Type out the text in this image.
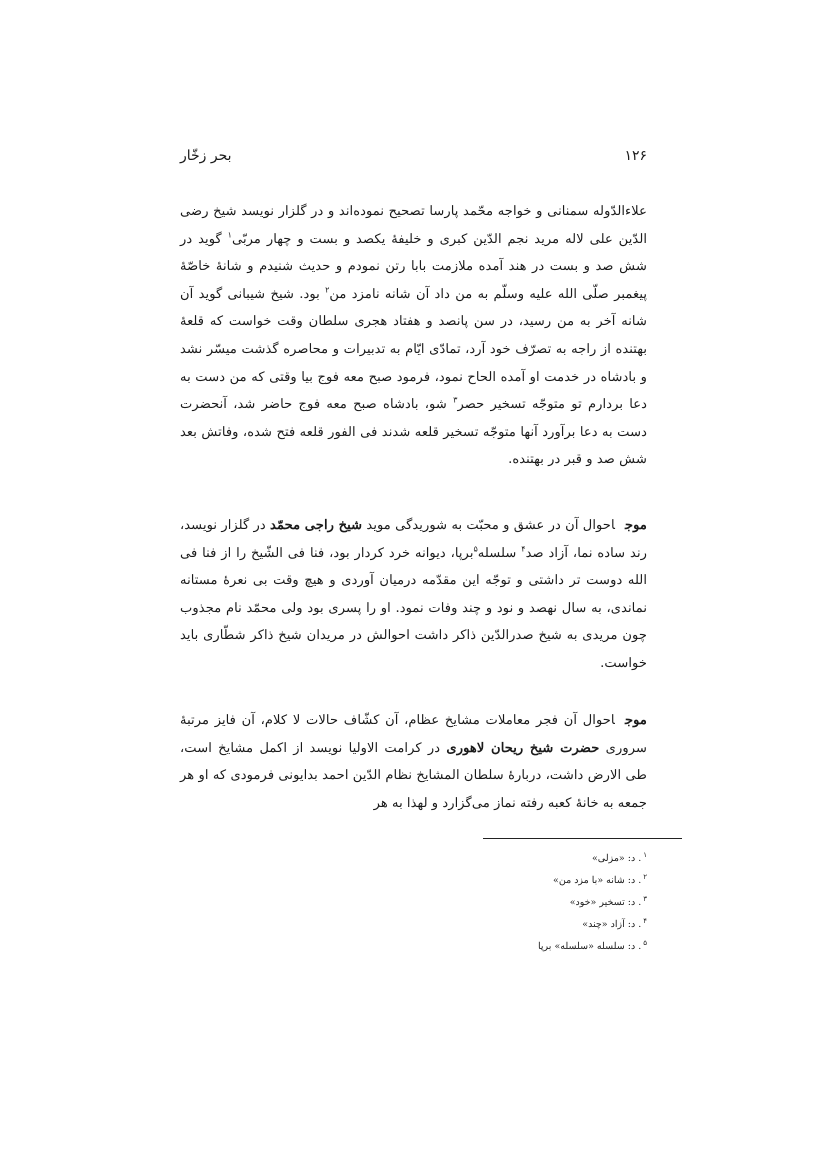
۱۲۶
بحر زخّار
علاءالدّوله سمنانی و خواجه محّمد پارسا تصحیح نموده‌اند و در گلزار نویسد شیخ رضی الدّین علی لاله مرید نجم الدّین کبری و خلیفهٔ یکصد و بست و چهار مربّی$^١$ گوید در شش صد و بست در هند آمده ملازمت بابا رتن نمودم و حدیث شنیدم و شانهٔ خاصّهٔ پیغمبر صلّی الله علیه وسلّم به من داد آن شانه نامزد من$^٢$ بود. شیخ شیبانی گوید آن شانه آخر به من رسید، در سن پانصد و هفتاد هجری سلطان وقت خواست که قلعهٔ بهتنده از راجه به تصرّف خود آرد، تمادّی ایّام به تدبیرات و محاصره گذشت میسّر نشد و بادشاه در خدمت او آمده الحاح نمود، فرمود صبح معه فوج بیا وقتی که من دست به دعا بردارم تو متوجّه تسخیر حصر$^٣$ شو، بادشاه صبح معه فوج حاضر شد، آنحضرت دست به دعا برآورد آنها متوجّه تسخیر قلعه شدند فی الفور قلعه فتح شده، وفاتش بعد شش صد و قبر در بهتنده.
موجاحوال آن در عشق و محبّت به شوریدگی موید شیخ راجی محمّد در گلزار نویسد، رند ساده نما، آزاد صد$^۴$ سلسله$^۵$برپا، دیوانه خرد کردار بود، فنا فی الشّیخ را از فنا فی الله دوست تر داشتی و توجّه این مقدّمه درمیان آوردی و هیچ وقت بی نعرهٔ مستانه نماندی، به سال نهصد و نود و چند وفات نمود. او را پسری بود ولی محمّد نام مجذوب چون مریدی به شیخ صدرالدّین ذاکر داشت احوالش در مریدان شیخ ذاکر شطّاری باید خواست.
موجاحوال آن فجر معاملات مشایخ عظام، آن کشّاف حالات لا کلام، آن فایز مرتبهٔ سروری حضرت شیخ ریحان لاهوری در کرامت الاولیا نویسد از اکمل مشایخ است، طی الارض داشت، دربارهٔ سلطان المشایخ نظام الدّین احمد بدایونی فرمودی که او هر جمعه به خانهٔ کعبه رفته نماز می‌گزارد و لهذا به هر
$^١$. د: «مزلی»
$^٢$. د: شانه «با مزد من»
$^٣$. د: تسخیر «خود»
$^۴$. د: آزاد «چند»
$^۵$. د: سلسله «سلسله» برپا
